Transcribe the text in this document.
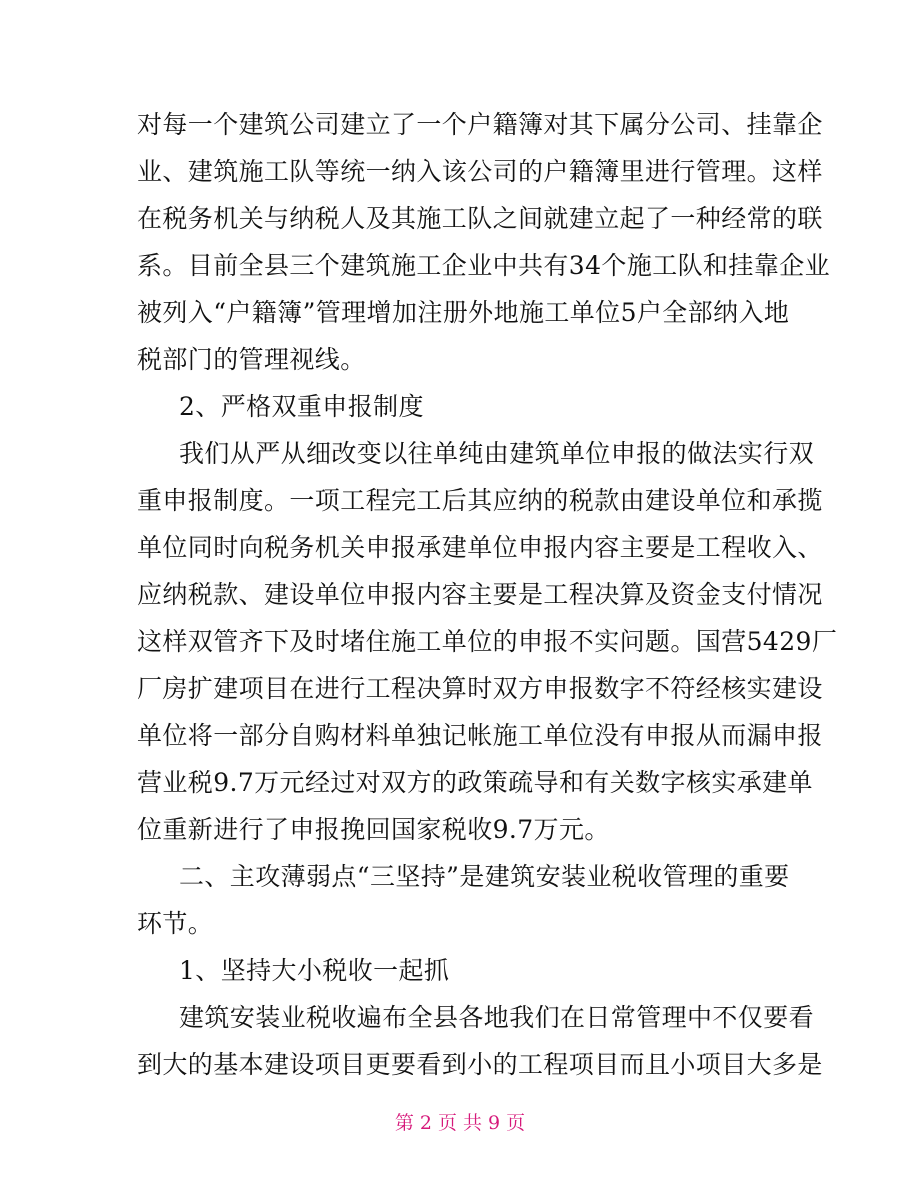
对每一个建筑公司建立了一个户籍簿对其下属分公司、挂靠企
业、建筑施工队等统一纳入该公司的户籍簿里进行管理。这样
在税务机关与纳税人及其施工队之间就建立起了一种经常的联
系。目前全县三个建筑施工企业中共有34个施工队和挂靠企业
被列入“户籍簿”管理增加注册外地施工单位5户全部纳入地
税部门的管理视线。
2、严格双重申报制度
我们从严从细改变以往单纯由建筑单位申报的做法实行双
重申报制度。一项工程完工后其应纳的税款由建设单位和承揽
单位同时向税务机关申报承建单位申报内容主要是工程收入、
应纳税款、建设单位申报内容主要是工程决算及资金支付情况
这样双管齐下及时堵住施工单位的申报不实问题。国营5429厂
厂房扩建项目在进行工程决算时双方申报数字不符经核实建设
单位将一部分自购材料单独记帐施工单位没有申报从而漏申报
营业税9.7万元经过对双方的政策疏导和有关数字核实承建单
位重新进行了申报挽回国家税收9.7万元。
二、主攻薄弱点“三坚持”是建筑安装业税收管理的重要
环节。
1、坚持大小税收一起抓
建筑安装业税收遍布全县各地我们在日常管理中不仅要看
到大的基本建设项目更要看到小的工程项目而且小项目大多是
第 2 页 共 9 页
